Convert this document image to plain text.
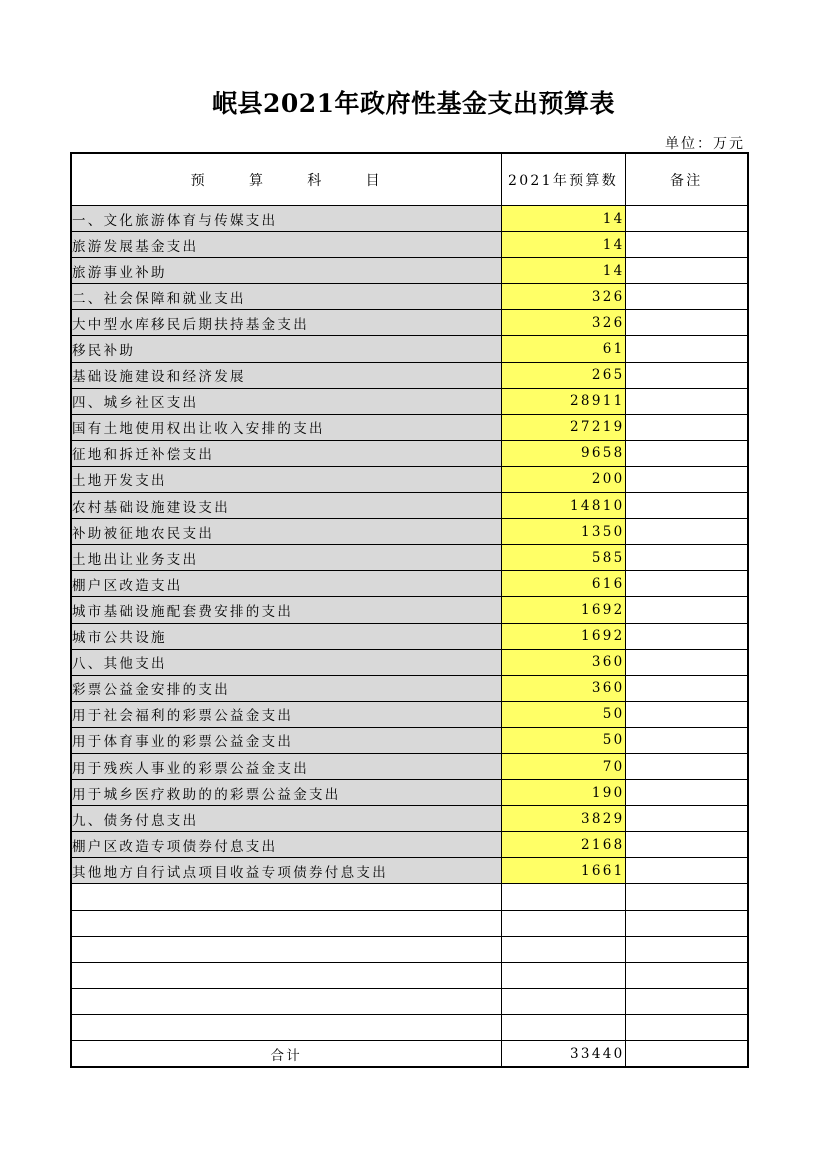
岷县2021年政府性基金支出预算表
单位：万元
预 算 科 目	2021年预算数	备注
一、文化旅游体育与传媒支出	14	
旅游发展基金支出	14	
旅游事业补助	14	
二、社会保障和就业支出	326	
大中型水库移民后期扶持基金支出	326	
移民补助	61	
基础设施建设和经济发展	265	
四、城乡社区支出	28911	
国有土地使用权出让收入安排的支出	27219	
征地和拆迁补偿支出	9658	
土地开发支出	200	
农村基础设施建设支出	14810	
补助被征地农民支出	1350	
土地出让业务支出	585	
棚户区改造支出	616	
城市基础设施配套费安排的支出	1692	
城市公共设施	1692	
八、其他支出	360	
彩票公益金安排的支出	360	
用于社会福利的彩票公益金支出	50	
用于体育事业的彩票公益金支出	50	
用于残疾人事业的彩票公益金支出	70	
用于城乡医疗救助的的彩票公益金支出	190	
九、债务付息支出	3829	
棚户区改造专项债券付息支出	2168	
其他地方自行试点项目收益专项债券付息支出	1661	

合计	33440	
